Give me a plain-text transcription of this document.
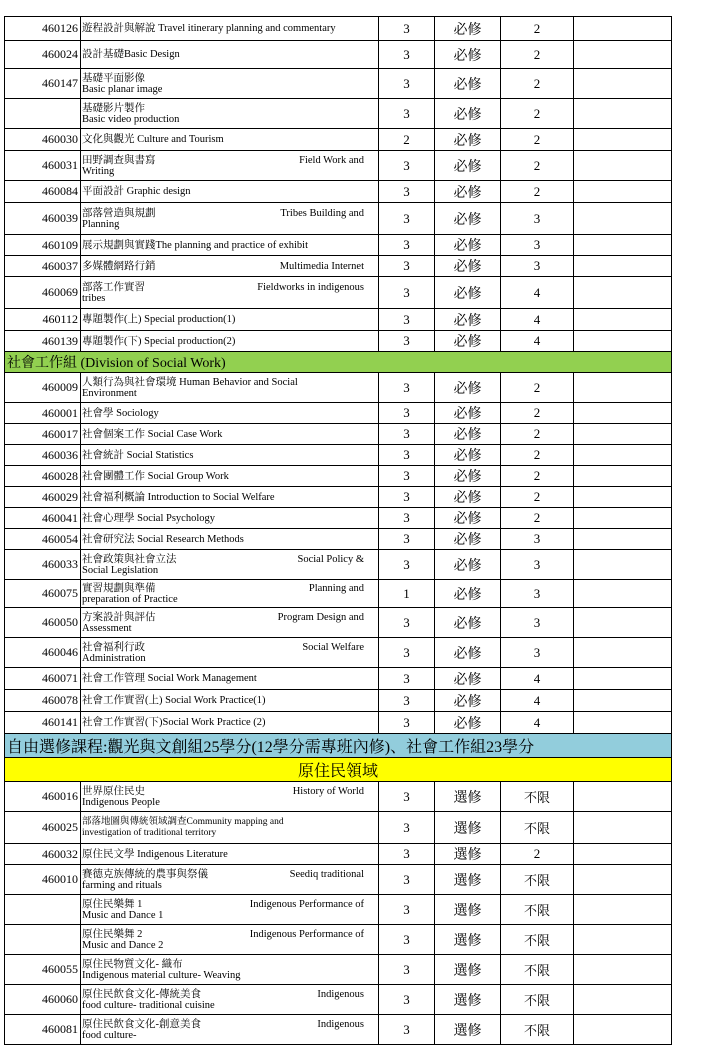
460126	遊程設計與解說 Travel itinerary planning and commentary	3	必修	2	
460024	設計基礎Basic Design	3	必修	2	
460147	基礎平面影像
Basic planar image	3	必修	2	

	基礎影片製作
Basic video production	3	必修	2	
460030	文化與觀光 Culture and Tourism	2	必修	2	
460031	田野調查與書寫 Field Work and
Writing	3	必修	2	
460084	平面設計 Graphic design	3	必修	2	
460039	部落營造與規劃 Tribes Building and
Planning	3	必修	3	
460109	展示規劃與實踐The planning and practice of exhibit	3	必修	3	
460037	多媒體網路行銷 Multimedia Internet	3	必修	3	
460069	部落工作實習 Fieldworks in indigenous
tribes	3	必修	4	
460112	專題製作(上) Special production(1)	3	必修	4	
460139	專題製作(下) Special production(2)	3	必修	4	
社會工作組 (Division of Social Work)					
460009	人類行為與社會環境 Human Behavior and Social
Environment	3	必修	2	
460001	社會學 Sociology	3	必修	2	
460017	社會個案工作 Social Case Work	3	必修	2	
460036	社會統計 Social Statistics	3	必修	2	
460028	社會團體工作 Social Group Work	3	必修	2	
460029	社會福利概論 Introduction to Social Welfare	3	必修	2	
460041	社會心理學 Social Psychology	3	必修	2	
460054	社會研究法 Social Research Methods	3	必修	3	
460033	社會政策與社會立法 Social Policy &
Social Legislation	3	必修	3	
460075	實習規劃與準備 Planning and
preparation of Practice	1	必修	3	
460050	方案設計與評估 Program Design and
Assessment	3	必修	3	
460046	社會福利行政 Social Welfare
Administration	3	必修	3	
460071	社會工作管理 Social Work Management	3	必修	4	
460078	社會工作實習(上) Social Work Practice(1)	3	必修	4	
460141	社會工作實習(下)Social Work Practice (2)	3	必修	4	
自由選修課程:觀光與文創組25學分(12學分需專班內修)、社會工作組23學分					
原住民領域					
460016	世界原住民史 History of World
Indigenous People	3	選修	不限	
460025	部落地圖與傳統領域調查Community mapping and
investigation of traditional territory	3	選修	不限	
460032	原住民文學 Indigenous Literature	3	選修	2	
460010	賽德克族傳統的農事與祭儀 Seediq traditional
farming and rituals	3	選修	不限	

	原住民樂舞 1 Indigenous Performance of
Music and Dance 1	3	選修	不限	

	原住民樂舞 2 Indigenous Performance of
Music and Dance 2	3	選修	不限	
460055	原住民物質文化- 織布
Indigenous material culture- Weaving	3	選修	不限	
460060	原住民飲食文化-傳統美食 Indigenous
food culture- traditional cuisine	3	選修	不限	
460081	原住民飲食文化-創意美食 Indigenous
food culture-	3	選修	不限	
